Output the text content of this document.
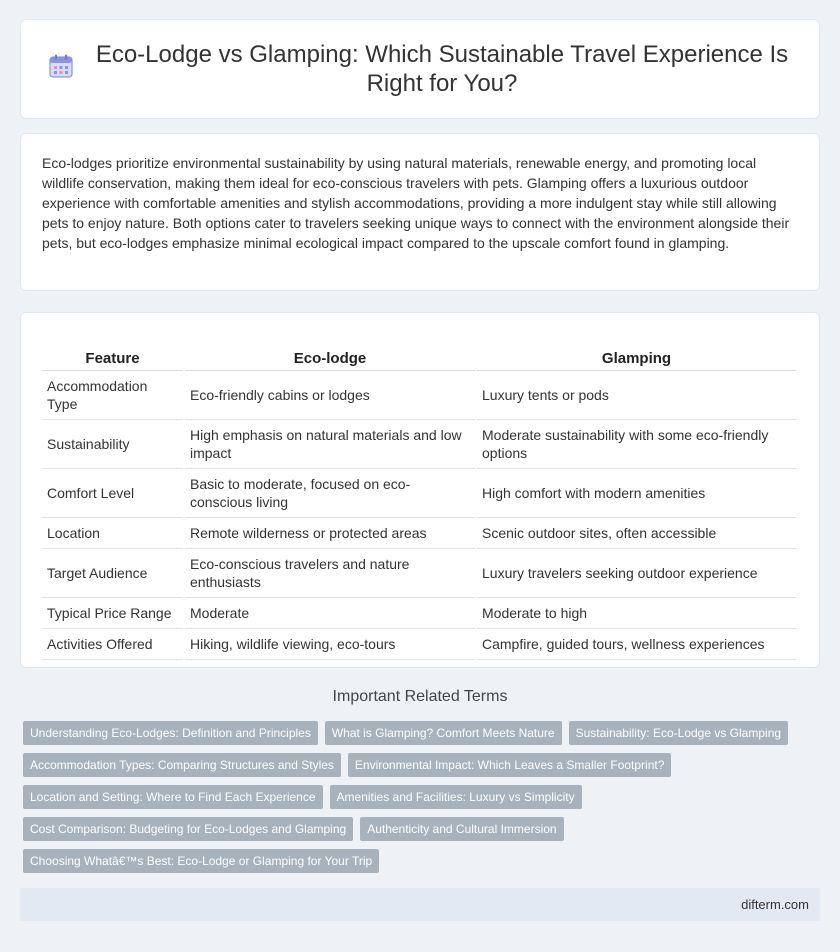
Eco-Lodge vs Glamping: Which Sustainable Travel Experience Is Right for You?
Eco-lodges prioritize environmental sustainability by using natural materials, renewable energy, and promoting local wildlife conservation, making them ideal for eco-conscious travelers with pets. Glamping offers a luxurious outdoor experience with comfortable amenities and stylish accommodations, providing a more indulgent stay while still allowing pets to enjoy nature. Both options cater to travelers seeking unique ways to connect with the environment alongside their pets, but eco-lodges emphasize minimal ecological impact compared to the upscale comfort found in glamping.
Feature	Eco-lodge	Glamping
Accommodation Type	Eco-friendly cabins or lodges	Luxury tents or pods
Sustainability	High emphasis on natural materials and low impact	Moderate sustainability with some eco-friendly options
Comfort Level	Basic to moderate, focused on eco-conscious living	High comfort with modern amenities
Location	Remote wilderness or protected areas	Scenic outdoor sites, often accessible
Target Audience	Eco-conscious travelers and nature enthusiasts	Luxury travelers seeking outdoor experience
Typical Price Range	Moderate	Moderate to high
Activities Offered	Hiking, wildlife viewing, eco-tours	Campfire, guided tours, wellness experiences
Important Related Terms
Understanding Eco-Lodges: Definition and Principles	What is Glamping? Comfort Meets Nature	Sustainability: Eco-Lodge vs Glamping
Accommodation Types: Comparing Structures and Styles	Environmental Impact: Which Leaves a Smaller Footprint?
Location and Setting: Where to Find Each Experience	Amenities and Facilities: Luxury vs Simplicity
Cost Comparison: Budgeting for Eco-Lodges and Glamping	Authenticity and Cultural Immersion
Choosing Whatâ€™s Best: Eco-Lodge or Glamping for Your Trip
difterm.com
